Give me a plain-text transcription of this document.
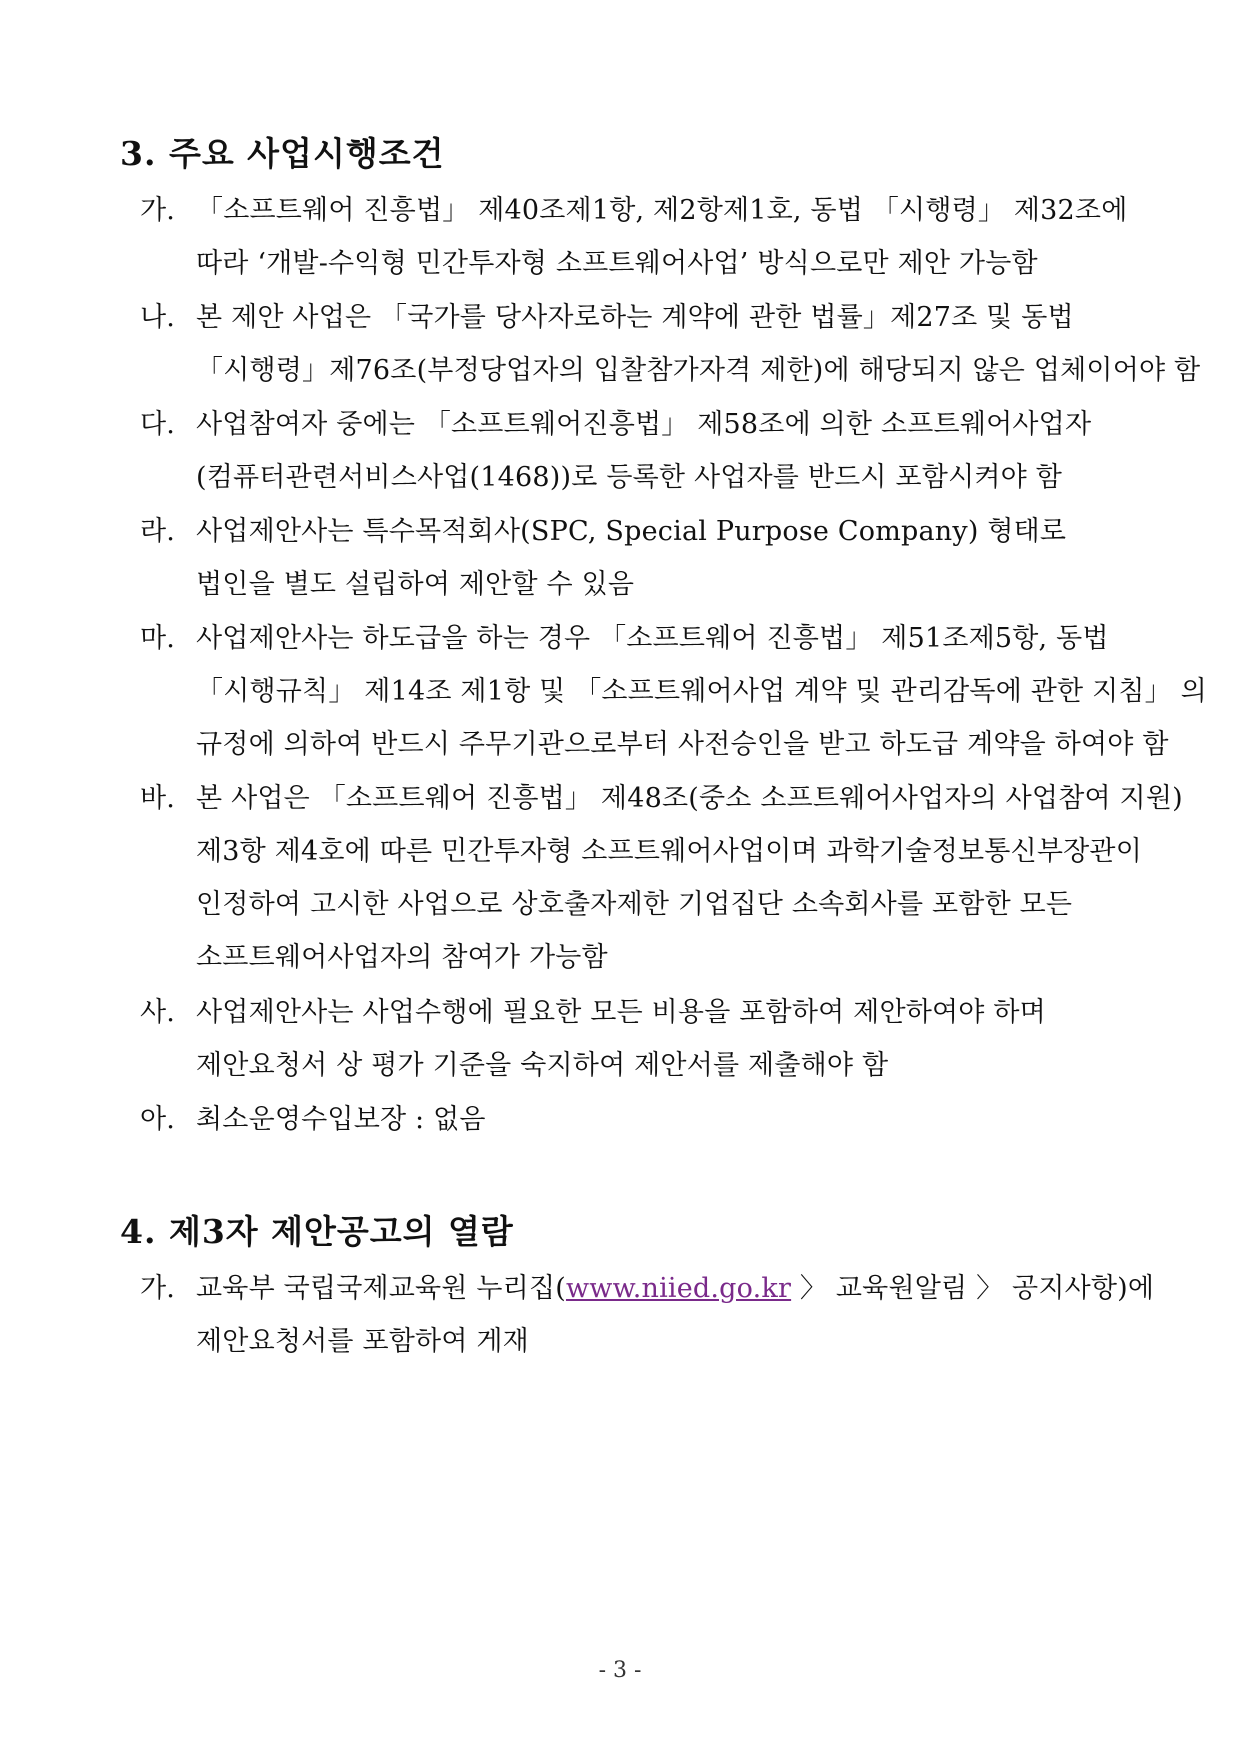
3. 주요 사업시행조건
가. 「소프트웨어 진흥법」 제40조제1항, 제2항제1호, 동법 「시행령」 제32조에
따라 ‘개발-수익형 민간투자형 소프트웨어사업’ 방식으로만 제안 가능함
나. 본 제안 사업은 「국가를 당사자로하는 계약에 관한 법률」제27조 및 동법
「시행령」제76조(부정당업자의 입찰참가자격 제한)에 해당되지 않은 업체이어야 함
다. 사업참여자 중에는 「소프트웨어진흥법」 제58조에 의한 소프트웨어사업자
(컴퓨터관련서비스사업(1468))로 등록한 사업자를 반드시 포함시켜야 함
라. 사업제안사는 특수목적회사(SPC, Special Purpose Company) 형태로
법인을 별도 설립하여 제안할 수 있음
마. 사업제안사는 하도급을 하는 경우 「소프트웨어 진흥법」 제51조제5항, 동법
「시행규칙」 제14조 제1항 및 「소프트웨어사업 계약 및 관리감독에 관한 지침」 의
규정에 의하여 반드시 주무기관으로부터 사전승인을 받고 하도급 계약을 하여야 함
바. 본 사업은 「소프트웨어 진흥법」 제48조(중소 소프트웨어사업자의 사업참여 지원)
제3항 제4호에 따른 민간투자형 소프트웨어사업이며 과학기술정보통신부장관이
인정하여 고시한 사업으로 상호출자제한 기업집단 소속회사를 포함한 모든
소프트웨어사업자의 참여가 가능함
사. 사업제안사는 사업수행에 필요한 모든 비용을 포함하여 제안하여야 하며
제안요청서 상 평가 기준을 숙지하여 제안서를 제출해야 함
아. 최소운영수입보장 : 없음
4. 제3자 제안공고의 열람
가. 교육부 국립국제교육원 누리집(www.niied.go.kr 〉 교육원알림 〉 공지사항)에
제안요청서를 포함하여 게재
- 3 -
